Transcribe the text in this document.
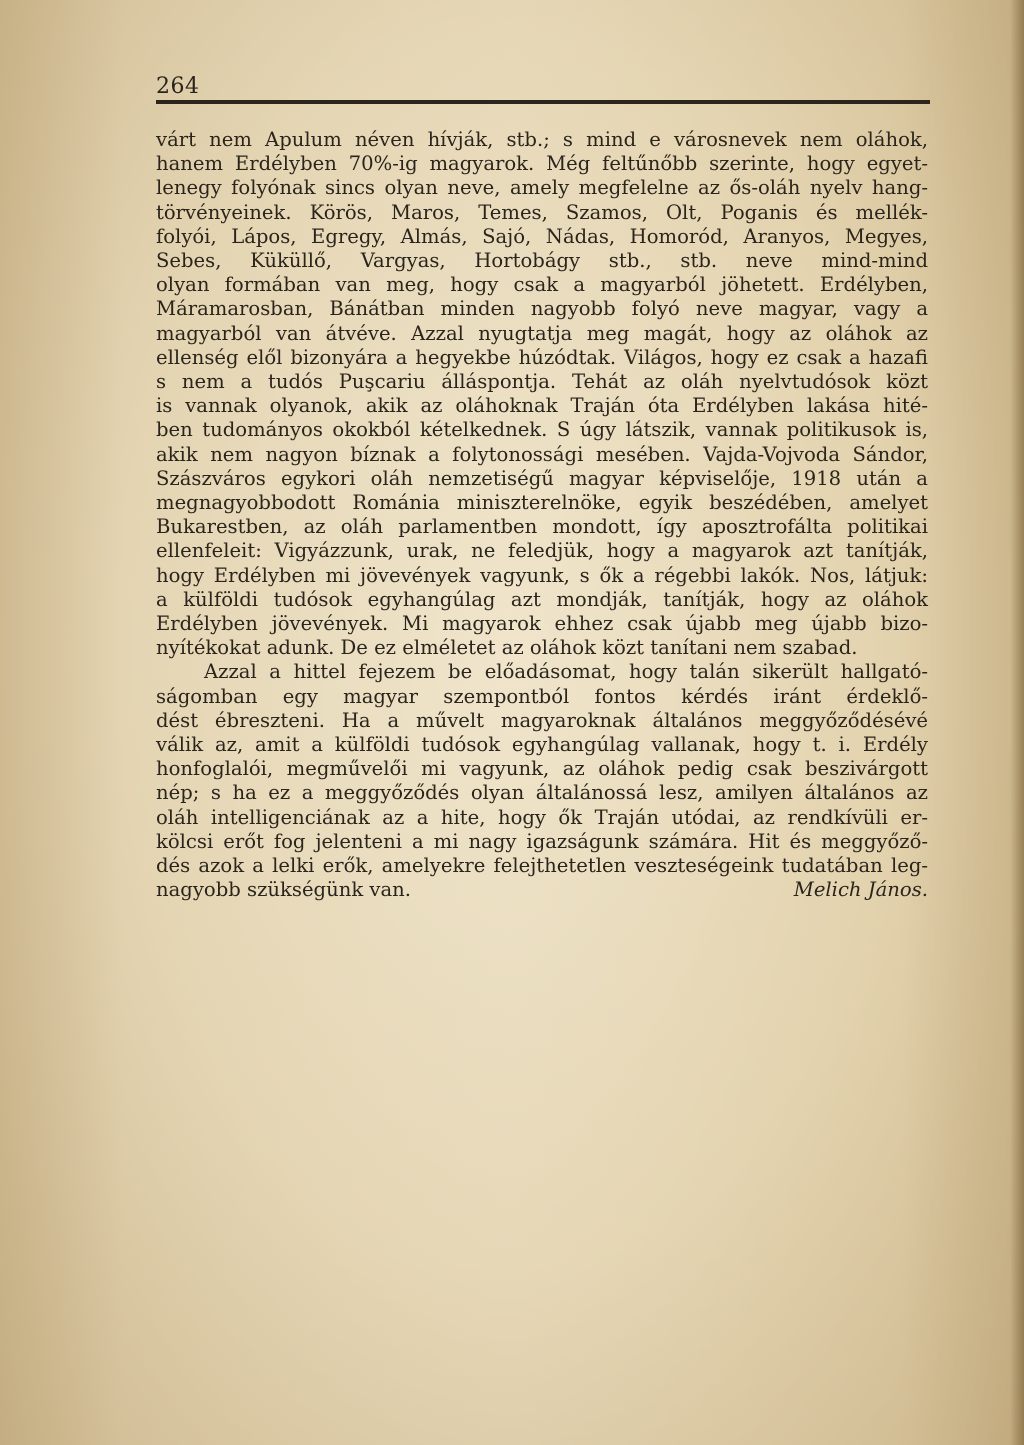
264

várt nem Apulum néven hívják, stb.; s mind e városnevek nem oláhok,
hanem Erdélyben 70%-ig magyarok. Még feltűnőbb szerinte, hogy egyet-
lenegy folyónak sincs olyan neve, amely megfelelne az ős-oláh nyelv hang-
törvényeinek. Körös, Maros, Temes, Szamos, Olt, Poganis és mellék-
folyói, Lápos, Egregy, Almás, Sajó, Nádas, Homoród, Aranyos, Megyes,
Sebes, Küküllő, Vargyas, Hortobágy stb., stb. neve mind-mind
olyan formában van meg, hogy csak a magyarból jöhetett. Erdélyben,
Máramarosban, Bánátban minden nagyobb folyó neve magyar, vagy a
magyarból van átvéve. Azzal nyugtatja meg magát, hogy az oláhok az
ellenség elől bizonyára a hegyekbe húzódtak. Világos, hogy ez csak a hazafi
s nem a tudós Puşcariu álláspontja. Tehát az oláh nyelvtudósok közt
is vannak olyanok, akik az oláhoknak Traján óta Erdélyben lakása hité-
ben tudományos okokból kételkednek. S úgy látszik, vannak politikusok is,
akik nem nagyon bíznak a folytonossági mesében. Vajda-Vojvoda Sándor,
Szászváros egykori oláh nemzetiségű magyar képviselője, 1918 után a
megnagyobbodott Románia miniszterelnöke, egyik beszédében, amelyet
Bukarestben, az oláh parlamentben mondott, így aposztrofálta politikai
ellenfeleit: Vigyázzunk, urak, ne feledjük, hogy a magyarok azt tanítják,
hogy Erdélyben mi jövevények vagyunk, s ők a régebbi lakók. Nos, látjuk:
a külföldi tudósok egyhangúlag azt mondják, tanítják, hogy az oláhok
Erdélyben jövevények. Mi magyarok ehhez csak újabb meg újabb bizo-
nyítékokat adunk. De ez elméletet az oláhok közt tanítani nem szabad.

Azzal a hittel fejezem be előadásomat, hogy talán sikerült hallgató-
ságomban egy magyar szempontból fontos kérdés iránt érdeklő-
dést ébreszteni. Ha a művelt magyaroknak általános meggyőződésévé
válik az, amit a külföldi tudósok egyhangúlag vallanak, hogy t. i. Erdély
honfoglalói, megművelői mi vagyunk, az oláhok pedig csak beszivárgott
nép; s ha ez a meggyőződés olyan általánossá lesz, amilyen általános az
oláh intelligenciának az a hite, hogy ők Traján utódai, az rendkívüli er-
kölcsi erőt fog jelenteni a mi nagy igazságunk számára. Hit és meggyőző-
dés azok a lelki erők, amelyekre felejthetetlen veszteségeink tudatában leg-
nagyobb szükségünk van.	Melich János.
